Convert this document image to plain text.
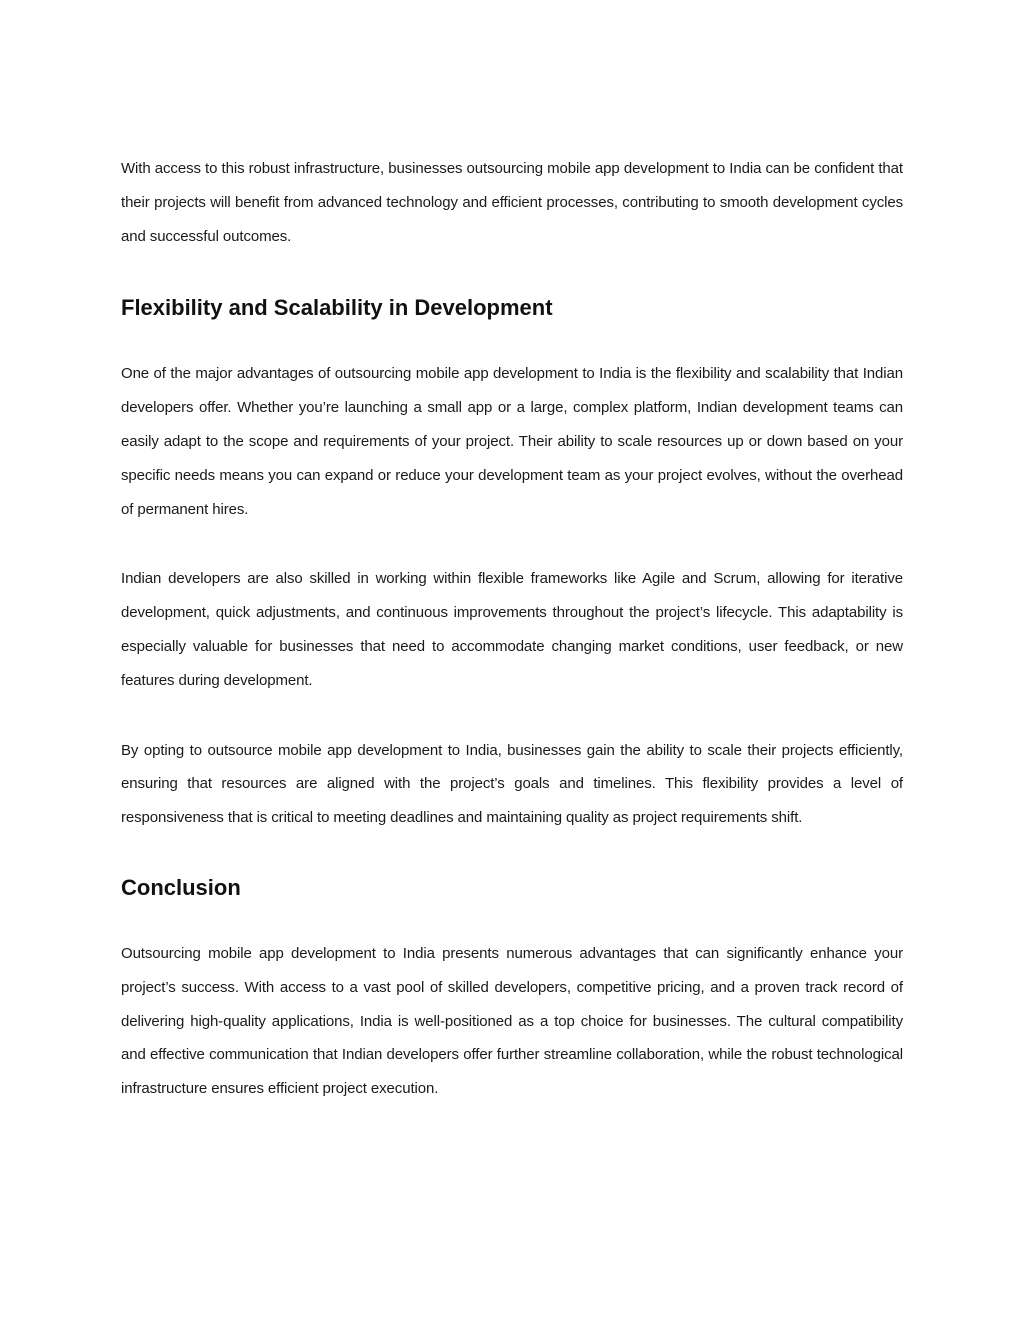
With access to this robust infrastructure, businesses outsourcing mobile app development to India can be confident that their projects will benefit from advanced technology and efficient processes, contributing to smooth development cycles and successful outcomes.

Flexibility and Scalability in Development

One of the major advantages of outsourcing mobile app development to India is the flexibility and scalability that Indian developers offer. Whether you’re launching a small app or a large, complex platform, Indian development teams can easily adapt to the scope and requirements of your project. Their ability to scale resources up or down based on your specific needs means you can expand or reduce your development team as your project evolves, without the overhead of permanent hires.

Indian developers are also skilled in working within flexible frameworks like Agile and Scrum, allowing for iterative development, quick adjustments, and continuous improvements throughout the project’s lifecycle. This adaptability is especially valuable for businesses that need to accommodate changing market conditions, user feedback, or new features during development.

By opting to outsource mobile app development to India, businesses gain the ability to scale their projects efficiently, ensuring that resources are aligned with the project’s goals and timelines. This flexibility provides a level of responsiveness that is critical to meeting deadlines and maintaining quality as project requirements shift.

Conclusion

Outsourcing mobile app development to India presents numerous advantages that can significantly enhance your project’s success. With access to a vast pool of skilled developers, competitive pricing, and a proven track record of delivering high-quality applications, India is well-positioned as a top choice for businesses. The cultural compatibility and effective communication that Indian developers offer further streamline collaboration, while the robust technological infrastructure ensures efficient project execution.
